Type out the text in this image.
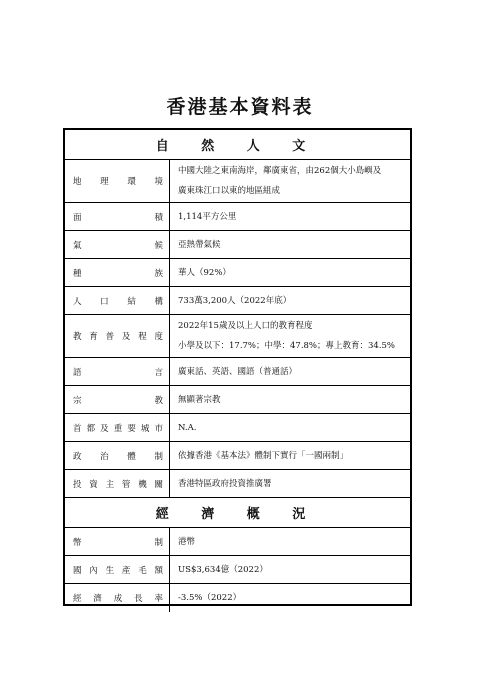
香港基本資料表
自 然 人 文
地理環境
中國大陸之東南海岸，鄰廣東省，由262個大小島嶼及
廣東珠江口以東的地區組成
面積 1,114平方公里
氣候 亞熱帶氣候
種族 華人（92%）
人口結構 733萬3,200人（2022年底）
教育普及程度
2022年15歲及以上人口的教育程度
小學及以下：17.7%；中學：47.8%；專上教育：34.5%
語言 廣東話、英語、國語（普通話）
宗教 無顯著宗教
首都及重要城市 N.A.
政治體制 依據香港《基本法》體制下實行「一國兩制」
投資主管機關 香港特區政府投資推廣署
經 濟 概 況
幣制 港幣
國內生產毛額 US$3,634億（2022）
經濟成長率 -3.5%（2022）
